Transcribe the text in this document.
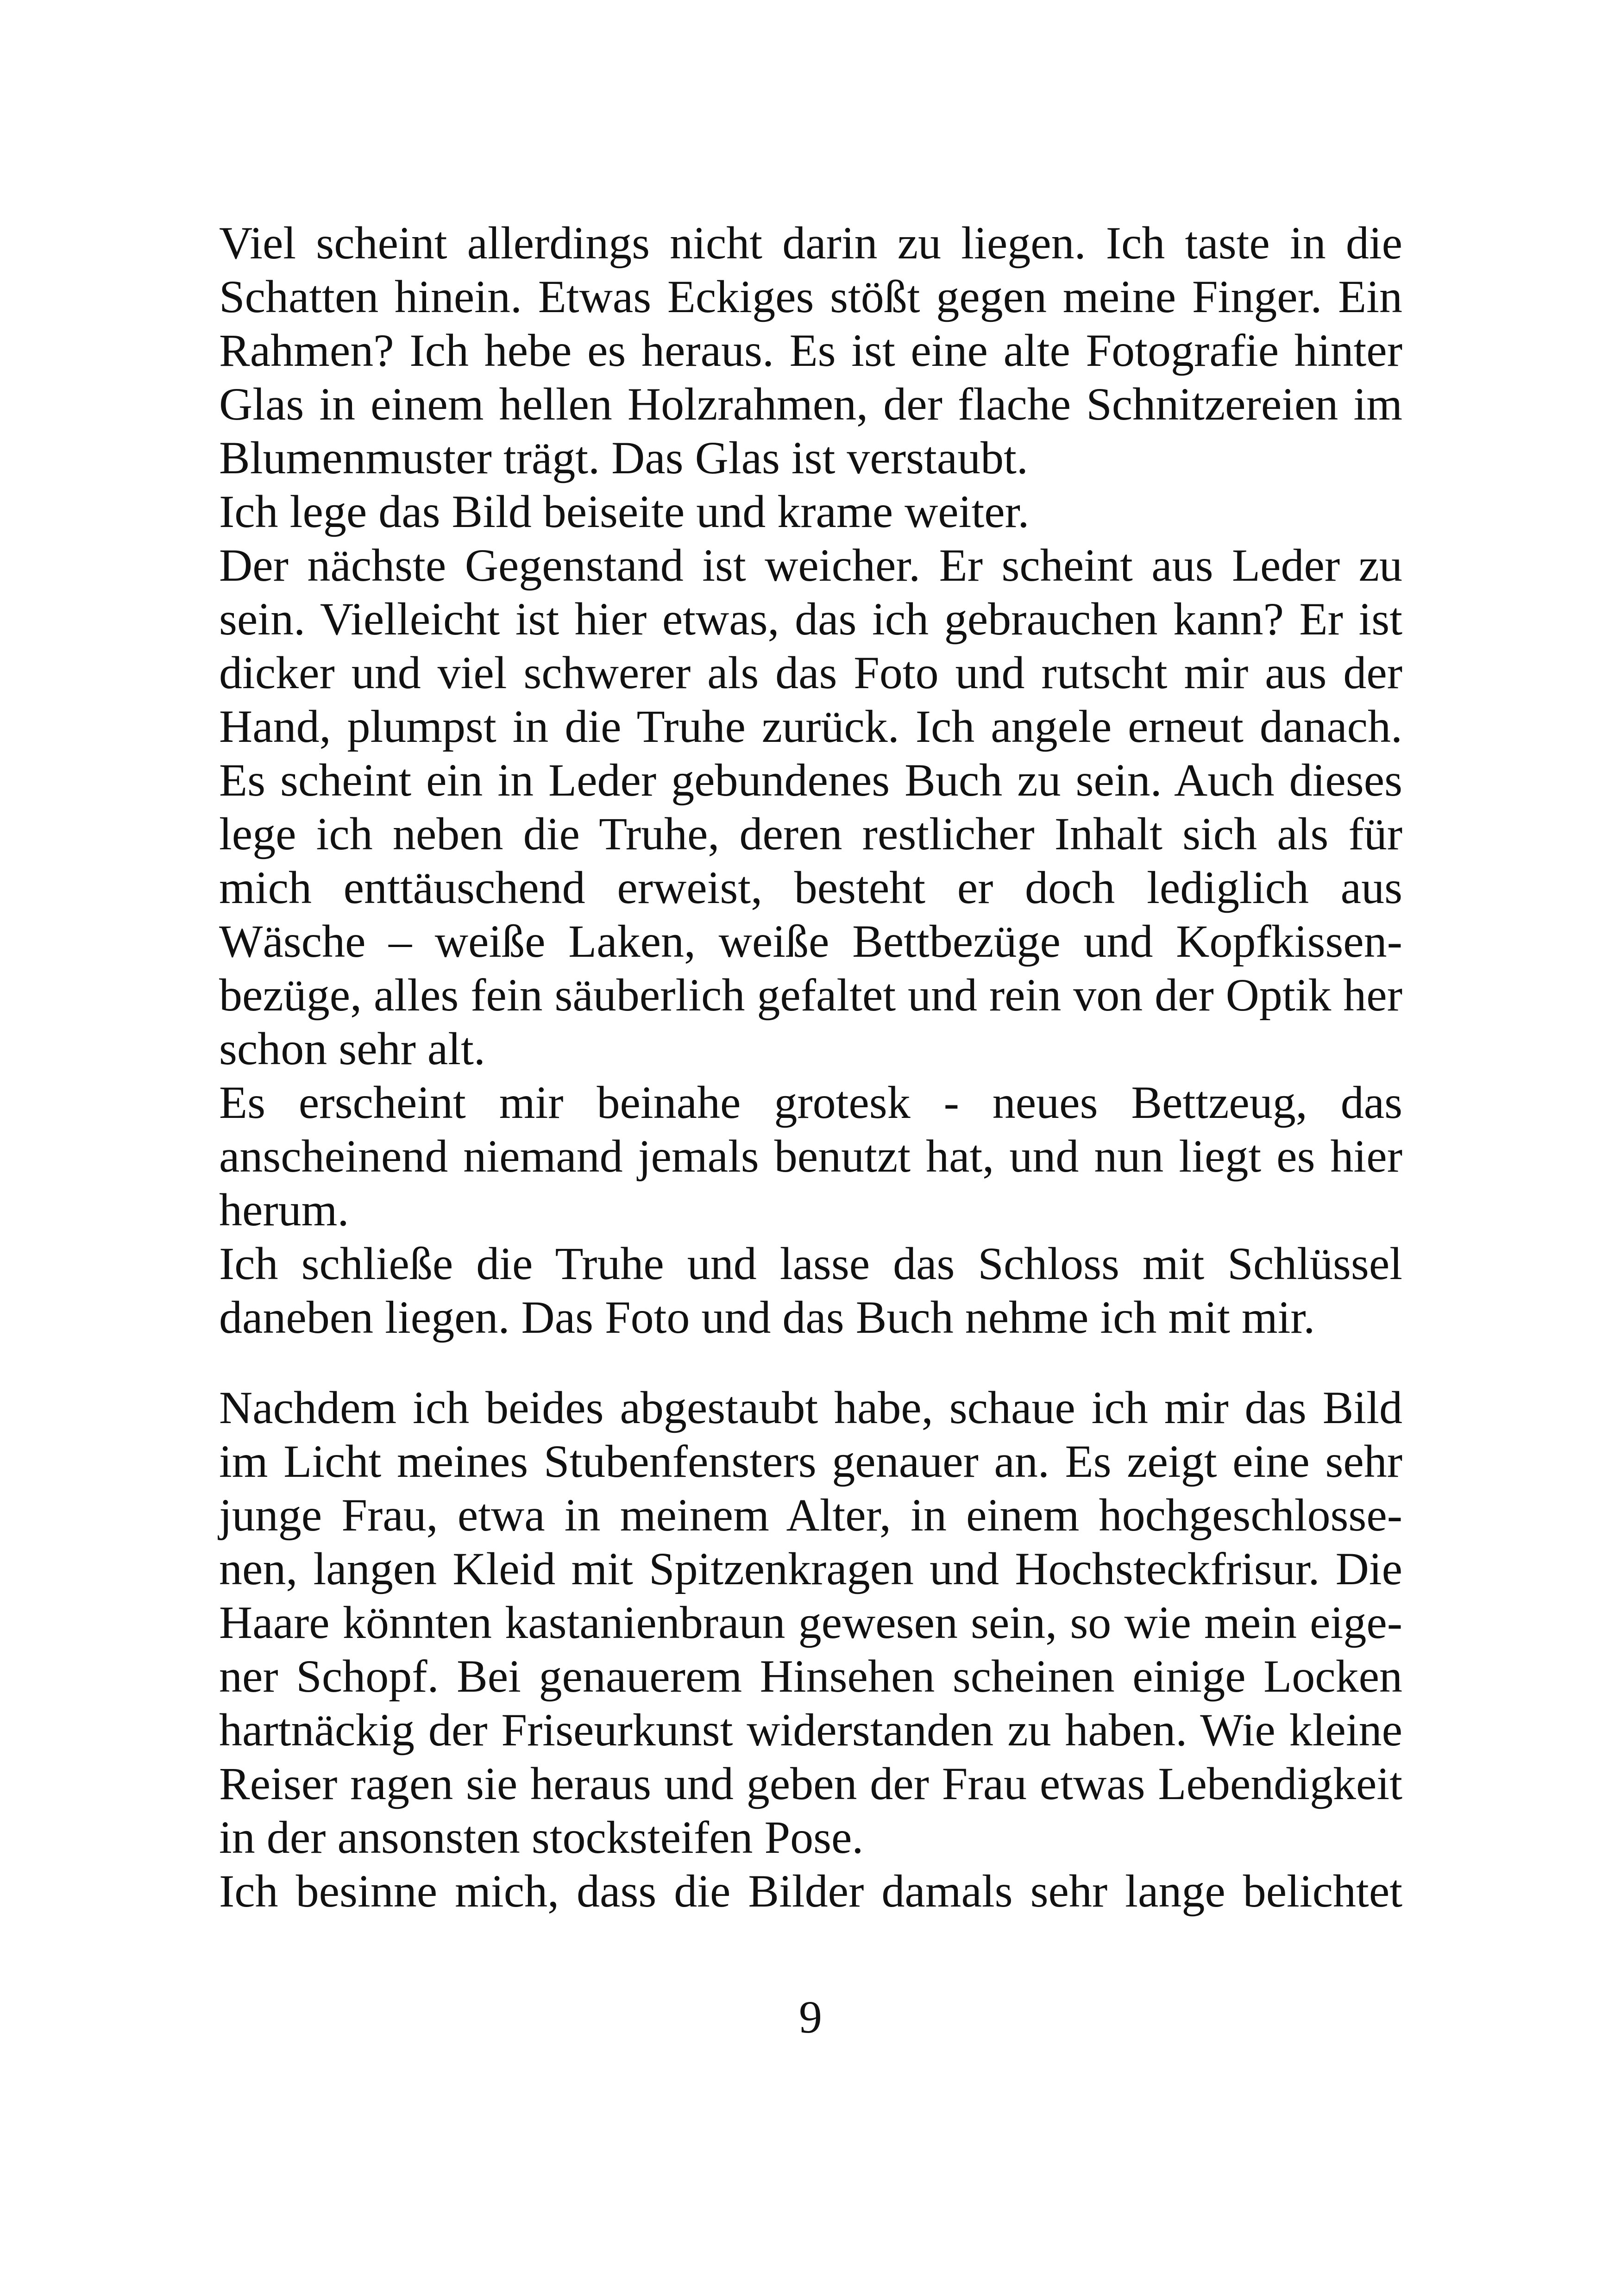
Viel scheint allerdings nicht darin zu liegen. Ich taste in die
Schatten hinein. Etwas Eckiges stößt gegen meine Finger. Ein
Rahmen? Ich hebe es heraus. Es ist eine alte Fotografie hinter
Glas in einem hellen Holzrahmen, der flache Schnitzereien im
Blumenmuster trägt. Das Glas ist verstaubt.
Ich lege das Bild beiseite und krame weiter.
Der nächste Gegenstand ist weicher. Er scheint aus Leder zu
sein. Vielleicht ist hier etwas, das ich gebrauchen kann? Er ist
dicker und viel schwerer als das Foto und rutscht mir aus der
Hand, plumpst in die Truhe zurück. Ich angele erneut danach.
Es scheint ein in Leder gebundenes Buch zu sein. Auch dieses
lege ich neben die Truhe, deren restlicher Inhalt sich als für
mich enttäuschend erweist, besteht er doch lediglich aus
Wäsche – weiße Laken, weiße Bettbezüge und Kopfkissen-
bezüge, alles fein säuberlich gefaltet und rein von der Optik her
schon sehr alt.
Es erscheint mir beinahe grotesk - neues Bettzeug, das
anscheinend niemand jemals benutzt hat, und nun liegt es hier
herum.
Ich schließe die Truhe und lasse das Schloss mit Schlüssel
daneben liegen. Das Foto und das Buch nehme ich mit mir.
Nachdem ich beides abgestaubt habe, schaue ich mir das Bild
im Licht meines Stubenfensters genauer an. Es zeigt eine sehr
junge Frau, etwa in meinem Alter, in einem hochgeschlosse-
nen, langen Kleid mit Spitzenkragen und Hochsteckfrisur. Die
Haare könnten kastanienbraun gewesen sein, so wie mein eige-
ner Schopf. Bei genauerem Hinsehen scheinen einige Locken
hartnäckig der Friseurkunst widerstanden zu haben. Wie kleine
Reiser ragen sie heraus und geben der Frau etwas Lebendigkeit
in der ansonsten stocksteifen Pose.
Ich besinne mich, dass die Bilder damals sehr lange belichtet
9
